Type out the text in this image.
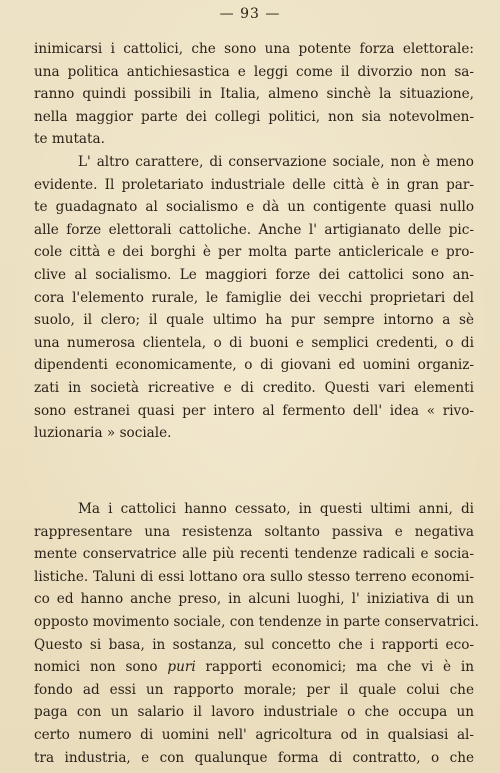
— 93 —
inimicarsi i cattolici, che sono una potente forza elettorale:
una politica antichiesastica e leggi come il divorzio non sa-
ranno quindi possibili in Italia, almeno sinchè la situazione,
nella maggior parte dei collegi politici, non sia notevolmen-
te mutata.
L' altro carattere, di conservazione sociale, non è meno
evidente. Il proletariato industriale delle città è in gran par-
te guadagnato al socialismo e dà un contigente quasi nullo
alle forze elettorali cattoliche. Anche l' artigianato delle pic-
cole città e dei borghi è per molta parte anticlericale e pro-
clive al socialismo. Le maggiori forze dei cattolici sono an-
cora l'elemento rurale, le famiglie dei vecchi proprietari del
suolo, il clero; il quale ultimo ha pur sempre intorno a sè
una numerosa clientela, o di buoni e semplici credenti, o di
dipendenti economicamente, o di giovani ed uomini organiz-
zati in società ricreative e di credito. Questi vari elementi
sono estranei quasi per intero al fermento dell' idea « rivo-
luzionaria » sociale.
Ma i cattolici hanno cessato, in questi ultimi anni, di
rappresentare una resistenza soltanto passiva e negativa
mente conservatrice alle più recenti tendenze radicali e socia-
listiche. Taluni di essi lottano ora sullo stesso terreno economi-
co ed hanno anche preso, in alcuni luoghi, l' iniziativa di un
opposto movimento sociale, con tendenze in parte conservatrici.
Questo si basa, in sostanza, sul concetto che i rapporti eco-
nomici non sono puri rapporti economici; ma che vi è in
fondo ad essi un rapporto morale; per il quale colui che
paga con un salario il lavoro industriale o che occupa un
certo numero di uomini nell' agricoltura od in qualsiasi al-
tra industria, e con qualunque forma di contratto, o che
